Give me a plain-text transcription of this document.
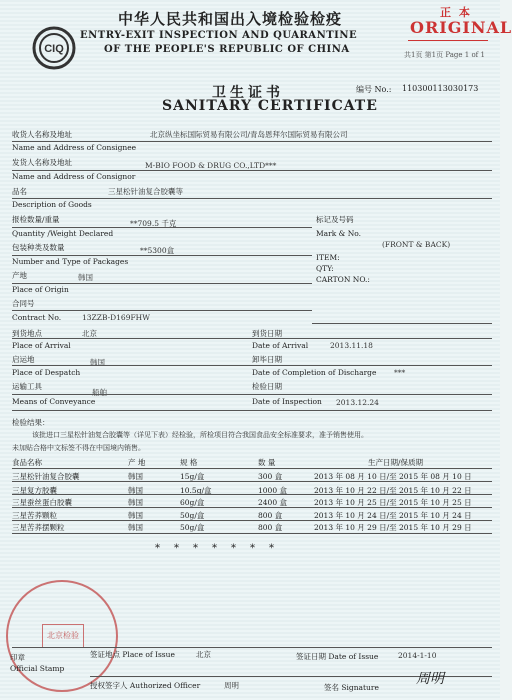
CIQ
中华人民共和国出入境检验检疫
ENTRY-EXIT INSPECTION AND QUARANTINE
OF THE PEOPLE'S REPUBLIC OF CHINA
正 本
ORIGINAL
共1页 第1页 Page 1 of 1
卫生证书
SANITARY CERTIFICATE
编号 No.: 1103001130301​73
收货人名称及地址	北京纵坐标国际贸易有限公司/青岛恩拜尔国际贸易有限公司
Name and Address of Consignee
发货人名称及地址	M-BIO FOOD & DRUG CO.,LTD***
Name and Address of Consignor
品名	三星松针油复合胶囊等
Description of Goods
报检数量/重量	**709.5 千克
Quantity /Weight Declared
包装种类及数量	**5300盒
Number and Type of Packages
产地	韩国
Place of Origin
合同号
Contract No.	13ZZB-D169FHW
标记及号码
Mark & No.
(FRONT & BACK)
ITEM:
QTY:
CARTON NO.:
到货地点	北京	到货日期
Place of Arrival	Date of Arrival	2013.11.18
启运地	韩国	卸毕日期
Place of Despatch	Date of Completion of Discharge ***
运输工具
船舶
检验日期
Means of Conveyance	Date of Inspection 2013.12.24
检验结果：
该批进口三星松针油复合胶囊等（详见下表）经检验，所检项目符合我国食品安全标准要求，准予销售使用。
未加贴合格中文标签不得在中国境内销售。
食品名称	产 地	规 格	数 量	生产日期/保质期
三星松针油复合胶囊	韩国	15g/盒	300 盒	2013 年 08 月 10 日/至 2015 年 08 月 10 日
三星复方胶囊	韩国	10.5g/盒	1000 盒	2013 年 10 月 22 日/至 2015 年 10 月 22 日
三星蚕丝蛋白胶囊	韩国	60g/盒	2400 盒	2013 年 10 月 25 日/至 2015 年 10 月 25 日
三星苦荞颗粒	韩国	50g/盒	800 盒	2013 年 10 月 24 日/至 2015 年 10 月 24 日
三星苦荞摆颗粒	韩国	50g/盒	800 盒	2013 年 10 月 29 日/至 2015 年 10 月 29 日
*******
北京检验
印章
Official Stamp
签证地点 Place of Issue	北京	签证日期 Date of Issue	2014-1-10
授权签字人 Authorized Officer	周明	签名 Signature
周明
